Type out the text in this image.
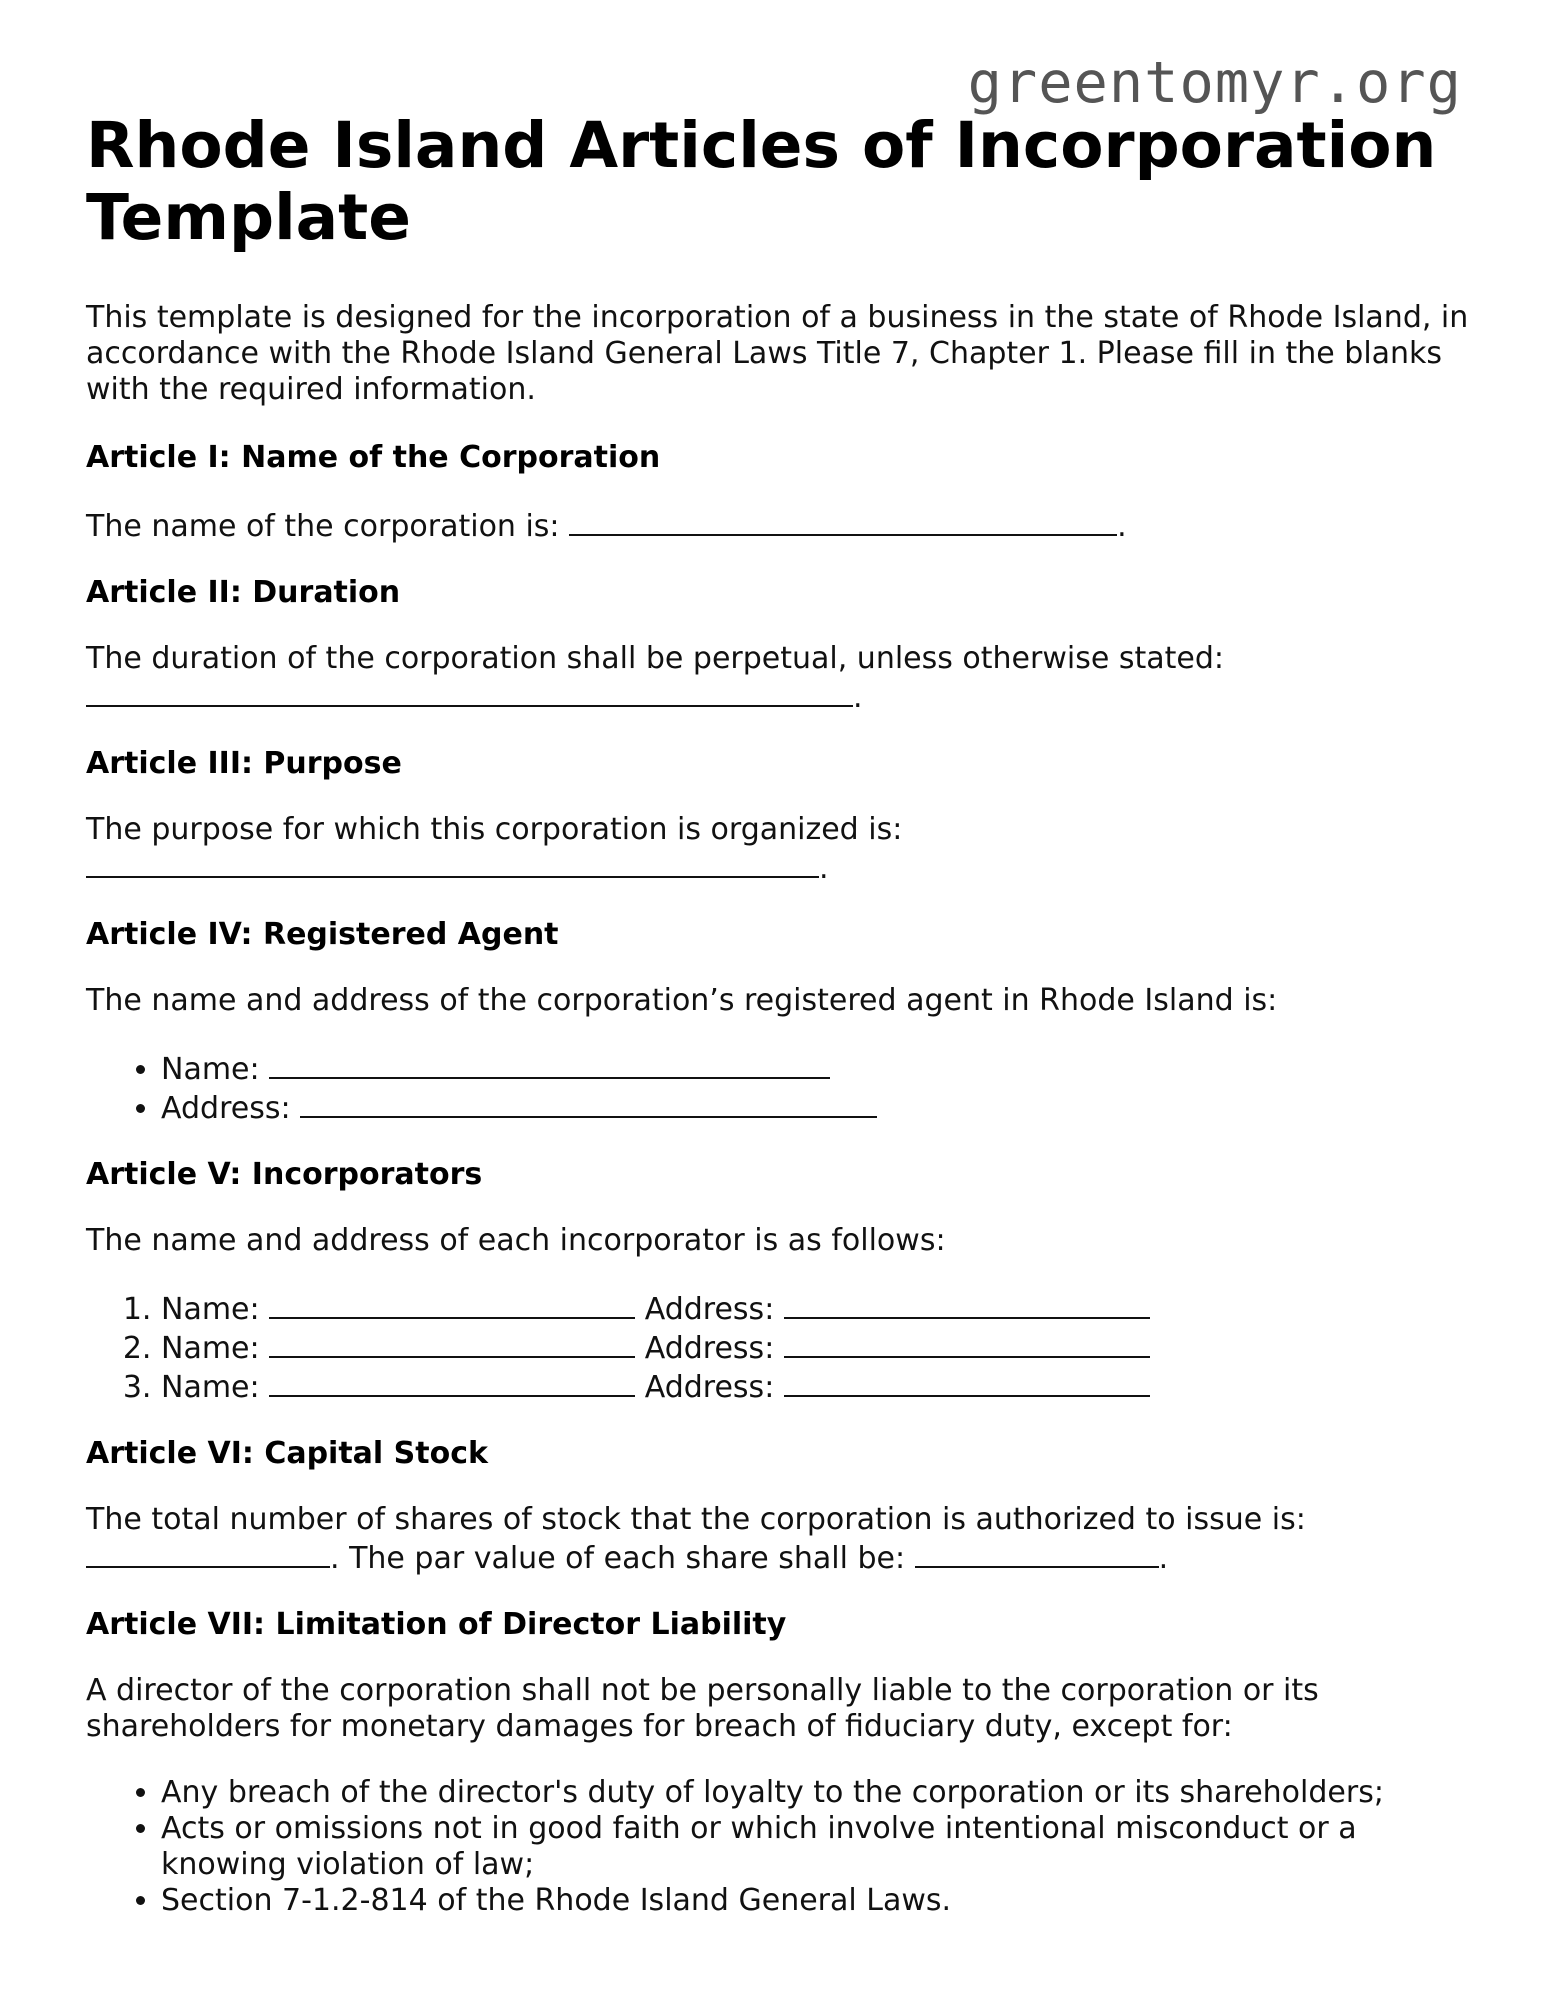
greentomyr.org
Rhode Island Articles of Incorporation Template

This template is designed for the incorporation of a business in the state of Rhode Island, in accordance with the Rhode Island General Laws Title 7, Chapter 1. Please fill in the blanks with the required information.

Article I: Name of the Corporation

The name of the corporation is:	.

Article II: Duration

The duration of the corporation shall be perpetual, unless otherwise stated:
.

Article III: Purpose

The purpose for which this corporation is organized is:
.

Article IV: Registered Agent

The name and address of the corporation’s registered agent in Rhode Island is:

• Name:
• Address:
Article V: Incorporators

The name and address of each incorporator is as follows:

1. Name:	Address:
2. Name:	Address:
3. Name:	Address:
Article VI: Capital Stock

The total number of shares of stock that the corporation is authorized to issue is:
. The par value of each share shall be:	.

Article VII: Limitation of Director Liability

A director of the corporation shall not be personally liable to the corporation or its shareholders for monetary damages for breach of fiduciary duty, except for:

• Any breach of the director's duty of loyalty to the corporation or its shareholders;
• Acts or omissions not in good faith or which involve intentional misconduct or a knowing violation of law;
• Section 7-1.2-814 of the Rhode Island General Laws.
